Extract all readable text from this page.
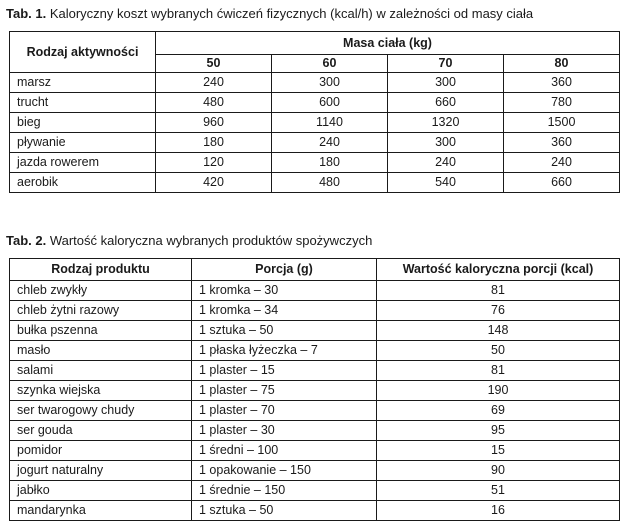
Tab. 1. Kaloryczny koszt wybranych ćwiczeń fizycznych (kcal/h) w zależności od masy ciała
Rodzaj aktywności	Masa ciała (kg)			
	50	60	70	80
marsz	240	300	300	360
trucht	480	600	660	780
bieg	960	1140	1320	1500
pływanie	180	240	300	360
jazda rowerem	120	180	240	240
aerobik	420	480	540	660
Tab. 2. Wartość kaloryczna wybranych produktów spożywczych
Rodzaj produktu	Porcja (g)	Wartość kaloryczna porcji (kcal)
chleb zwykły	1 kromka – 30	81
chleb żytni razowy	1 kromka – 34	76
bułka pszenna	1 sztuka – 50	148
masło	1 płaska łyżeczka – 7	50
salami	1 plaster – 15	81
szynka wiejska	1 plaster – 75	190
ser twarogowy chudy	1 plaster – 70	69
ser gouda	1 plaster – 30	95
pomidor	1 średni – 100	15
jogurt naturalny	1 opakowanie – 150	90
jabłko	1 średnie – 150	51
mandarynka	1 sztuka – 50	16
